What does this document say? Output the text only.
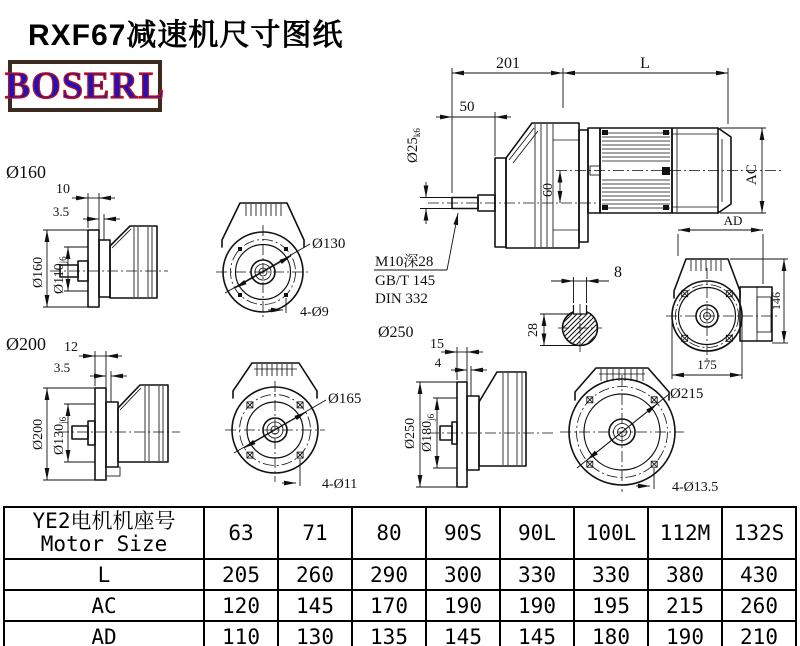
RXF67减速机尺寸图纸
BOSERL
201	L
50
$Ø25_{k6}$
60
AC
Ø160
10
3.5
Ø160 $Ø110_{j6}$
Ø130
4-Ø9
M10深28
GB/T 145
DIN 332
8
28
AD
146
175
Ø200 12
3.5
Ø200 $Ø130_{j6}$
Ø165
4-Ø11
Ø250
15
4
Ø250 $Ø180_{j6}$
Ø215
4-Ø13.5
YE2电机机座号
Motor Size	63	71	80	90S	90L	100L	112M	132S
L	205	260	290	300	330	330	380	430
AC	120	145	170	190	190	195	215	260
AD	110	130	135	145	145	180	190	210
